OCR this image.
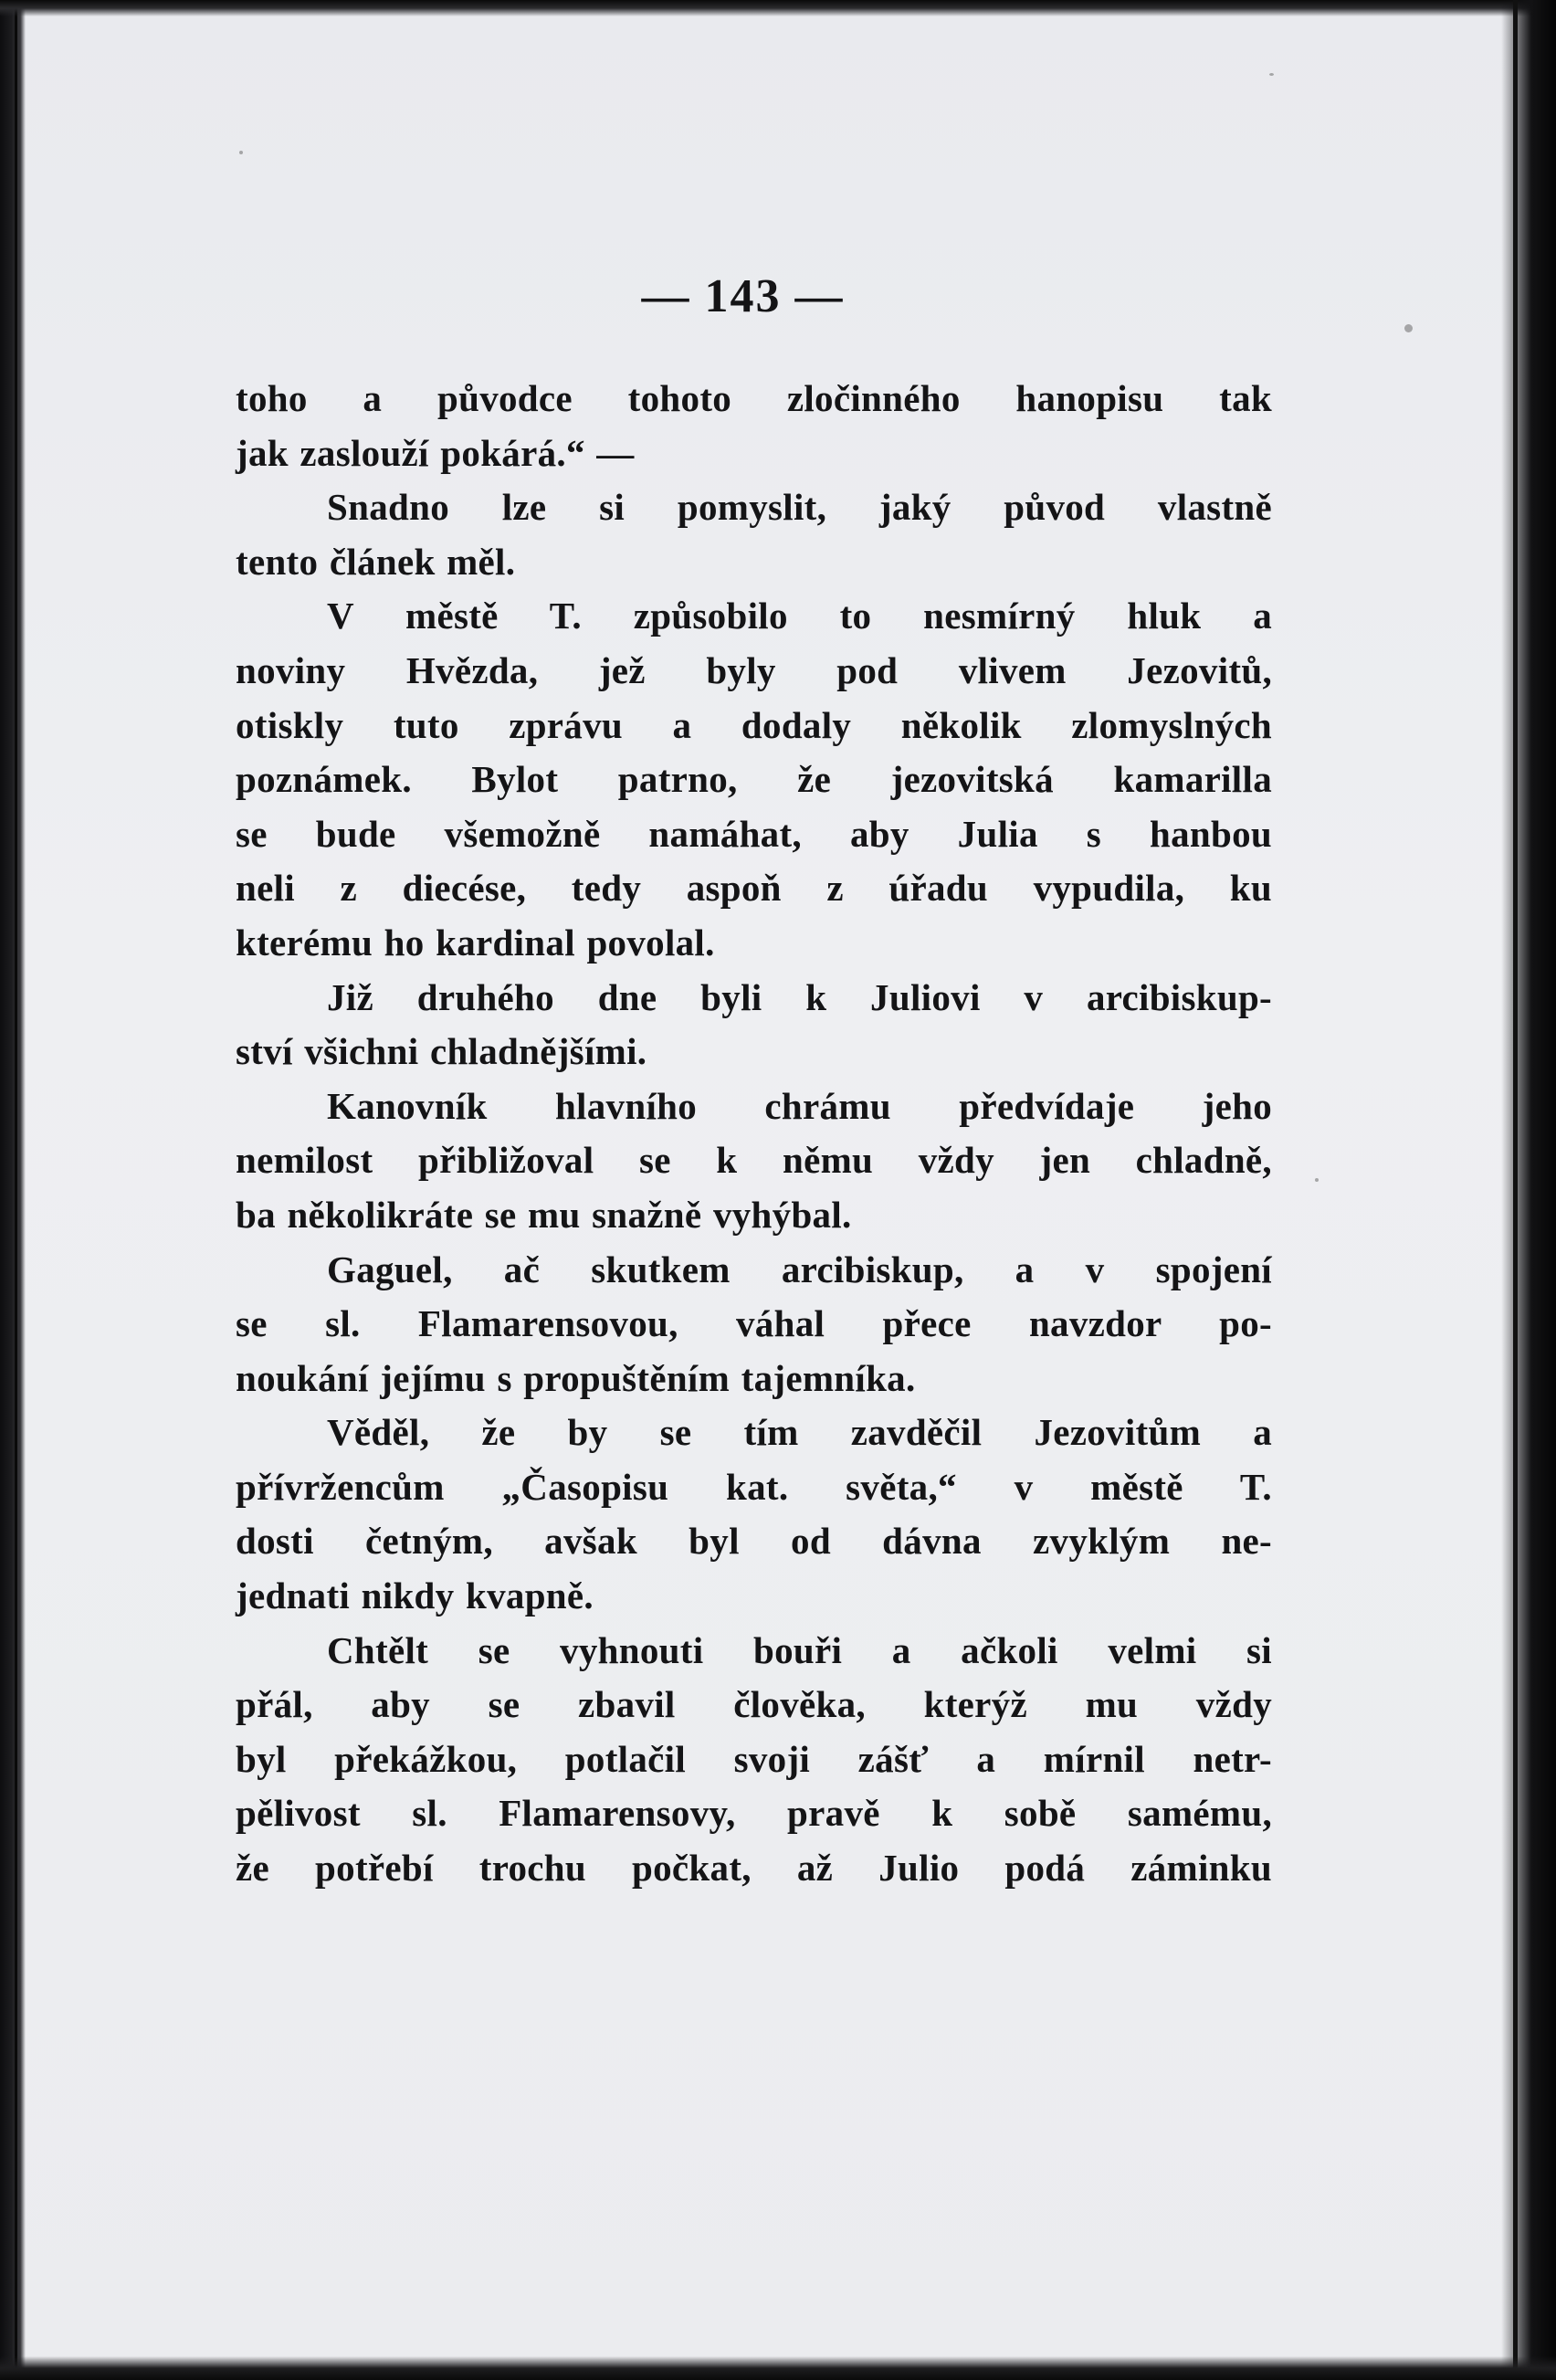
— 143 —
toho a původce tohoto zločinného hanopisu tak
jak zaslouží pokárá.“ —
Snadno lze si pomyslit, jaký původ vlastně
tento článek měl.
V městě T. způsobilo to nesmírný hluk a
noviny Hvězda, jež byly pod vlivem Jezovitů,
otiskly tuto zprávu a dodaly několik zlomyslných
poznámek. Bylot patrno, že jezovitská kamarilla
se bude všemožně namáhat, aby Julia s hanbou
neli z diecése, tedy aspoň z úřadu vypudila, ku
kterému ho kardinal povolal.
Již druhého dne byli k Juliovi v arcibiskup-
ství všichni chladnějšími.
Kanovník hlavního chrámu předvídaje jeho
nemilost přibližoval se k němu vždy jen chladně,
ba několikráte se mu snažně vyhýbal.
Gaguel, ač skutkem arcibiskup, a v spojení
se sl. Flamarensovou, váhal přece navzdor po-
noukání jejímu s propuštěním tajemníka.
Věděl, že by se tím zavděčil Jezovitům a
přívržencům „Časopisu kat. světa,“ v městě T.
dosti četným, avšak byl od dávna zvyklým ne-
jednati nikdy kvapně.
Chtělt se vyhnouti bouři a ačkoli velmi si
přál, aby se zbavil člověka, kterýž mu vždy
byl překážkou, potlačil svoji zášť a mírnil netr-
pělivost sl. Flamarensovy, pravě k sobě samému,
že potřebí trochu počkat, až Julio podá záminku
